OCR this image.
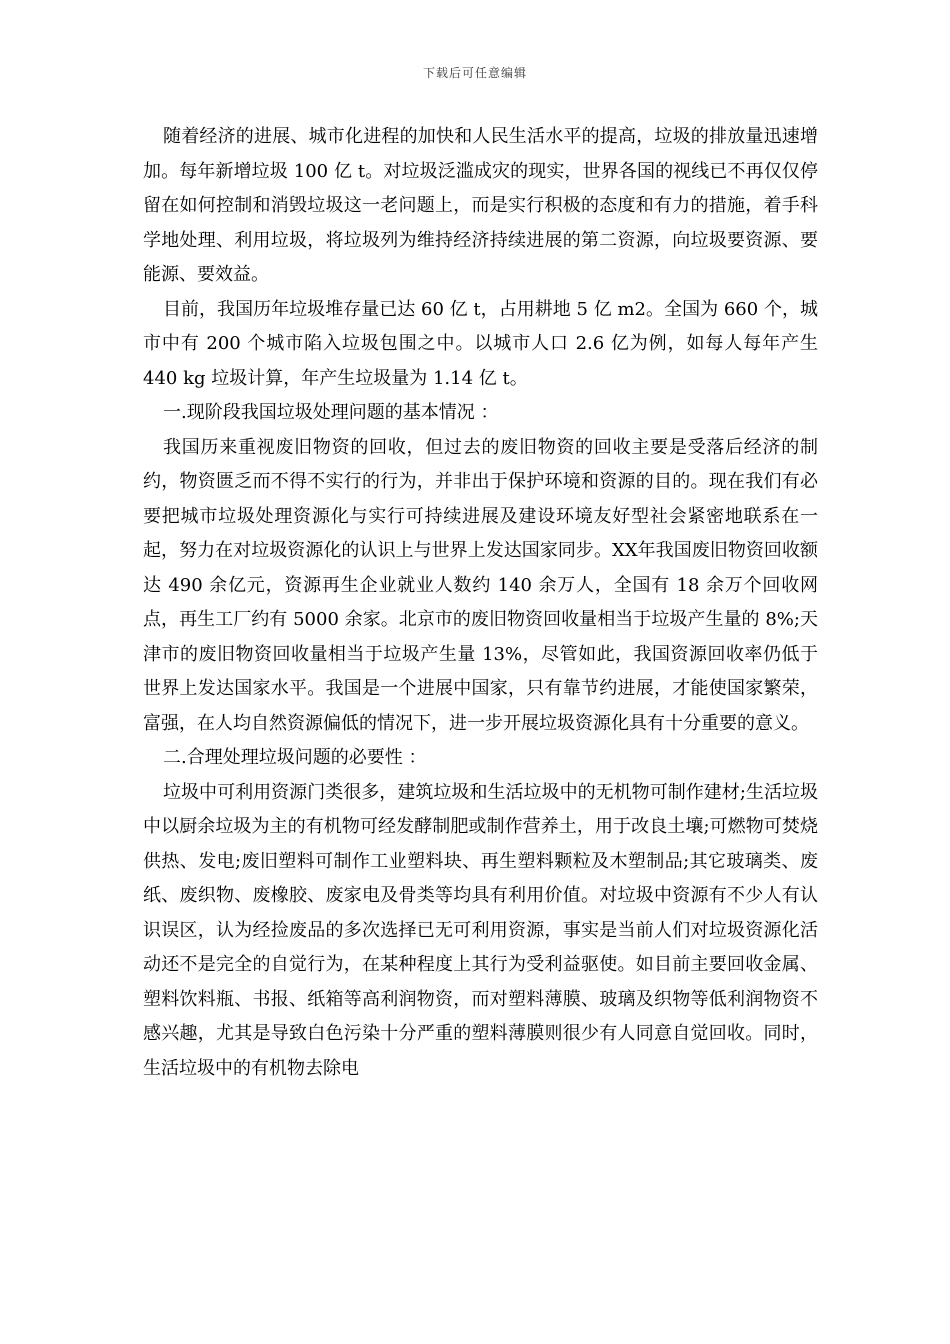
下载后可任意编辑

随着经济的进展、城市化进程的加快和人民生活水平的提高，垃圾的排放量迅速增加。每年新增垃圾 100 亿 t。对垃圾泛滥成灾的现实，世界各国的视线已不再仅仅停留在如何控制和消毁垃圾这一老问题上，而是实行积极的态度和有力的措施，着手科学地处理、利用垃圾，将垃圾列为维持经济持续进展的第二资源，向垃圾要资源、要能源、要效益。

目前，我国历年垃圾堆存量已达 60 亿 t，占用耕地 5 亿 m2。全国为 660 个，城市中有 200 个城市陷入垃圾包围之中。以城市人口 2.6 亿为例，如每人每年产生 440 kg 垃圾计算，年产生垃圾量为 1.14 亿 t。

一.现阶段我国垃圾处理问题的基本情况 ：

我国历来重视废旧物资的回收，但过去的废旧物资的回收主要是受落后经济的制约，物资匮乏而不得不实行的行为，并非出于保护环境和资源的目的。现在我们有必要把城市垃圾处理资源化与实行可持续进展及建设环境友好型社会紧密地联系在一起，努力在对垃圾资源化的认识上与世界上发达国家同步。XX年我国废旧物资回收额达 490 余亿元，资源再生企业就业人数约 140 余万人，全国有 18 余万个回收网点，再生工厂约有 5000 余家。北京市的废旧物资回收量相当于垃圾产生量的 8%;天津市的废旧物资回收量相当于垃圾产生量 13%，尽管如此，我国资源回收率仍低于世界上发达国家水平。我国是一个进展中国家，只有靠节约进展，才能使国家繁荣，富强，在人均自然资源偏低的情况下，进一步开展垃圾资源化具有十分重要的意义。

二.合理处理垃圾问题的必要性 ：

垃圾中可利用资源门类很多，建筑垃圾和生活垃圾中的无机物可制作建材;生活垃圾中以厨余垃圾为主的有机物可经发酵制肥或制作营养土，用于改良土壤;可燃物可焚烧供热、发电;废旧塑料可制作工业塑料块、再生塑料颗粒及木塑制品;其它玻璃类、废纸、废织物、废橡胶、废家电及骨类等均具有利用价值。对垃圾中资源有不少人有认识误区，认为经捡废品的多次选择已无可利用资源，事实是当前人们对垃圾资源化活动还不是完全的自觉行为，在某种程度上其行为受利益驱使。如目前主要回收金属、塑料饮料瓶、书报、纸箱等高利润物资，而对塑料薄膜、玻璃及织物等低利润物资不感兴趣，尤其是导致白色污染十分严重的塑料薄膜则很少有人同意自觉回收。同时，生活垃圾中的有机物去除电
